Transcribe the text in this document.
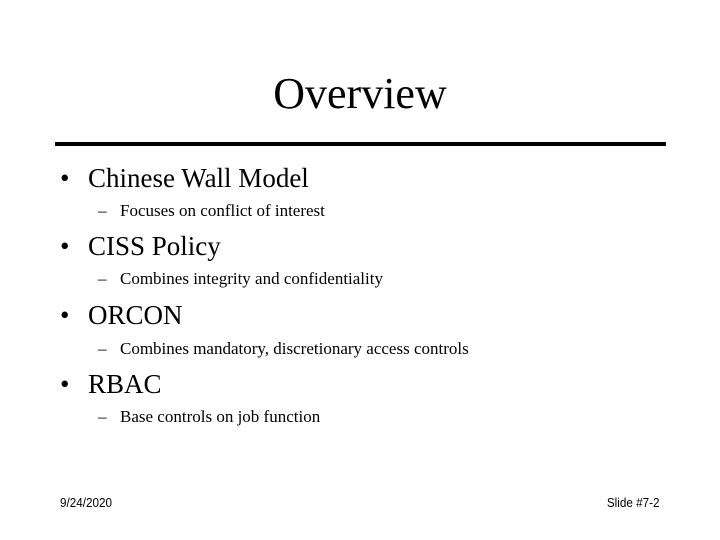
Overview
• Chinese Wall Model
– Focuses on conflict of interest
• CISS Policy
– Combines integrity and confidentiality
• ORCON
– Combines mandatory, discretionary access controls
• RBAC
– Base controls on job function
9/24/2020	Slide #7-2
